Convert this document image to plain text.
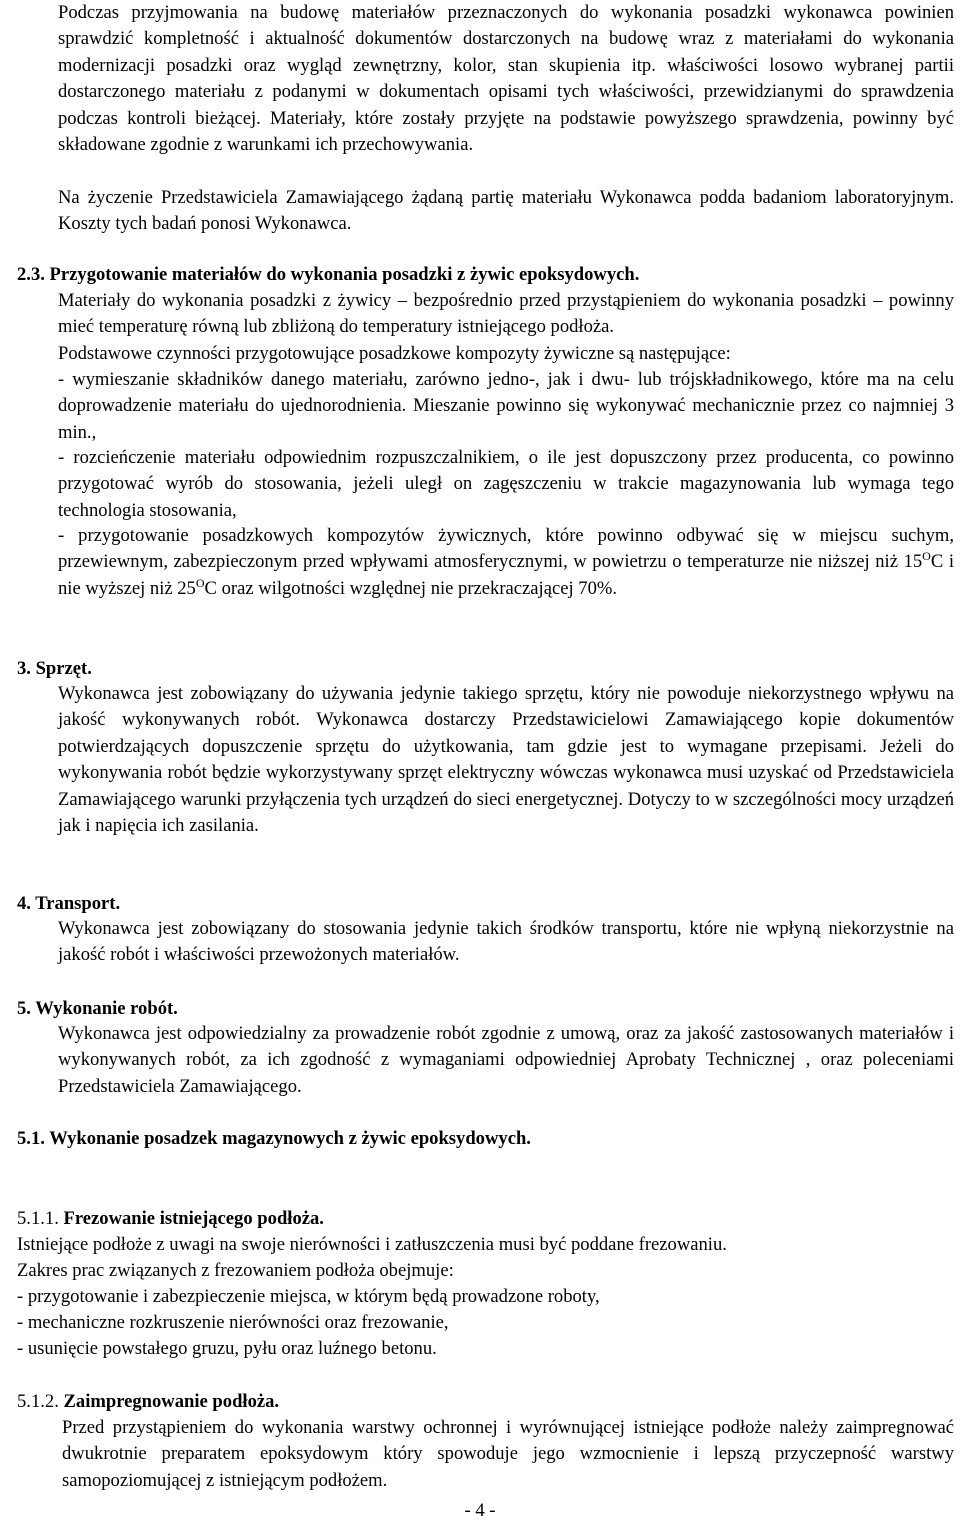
Podczas przyjmowania na budowę materiałów przeznaczonych do wykonania posadzki wykonawca powinien sprawdzić kompletność i aktualność dokumentów dostarczonych na budowę wraz z materiałami do wykonania modernizacji posadzki oraz wygląd zewnętrzny, kolor, stan skupienia itp. właściwości losowo wybranej partii dostarczonego materiału z podanymi w dokumentach opisami tych właściwości, przewidzianymi do sprawdzenia podczas kontroli bieżącej. Materiały, które zostały przyjęte na podstawie powyższego sprawdzenia, powinny być składowane zgodnie z warunkami ich przechowywania.
Na życzenie Przedstawiciela Zamawiającego żądaną partię materiału Wykonawca podda badaniom laboratoryjnym. Koszty tych badań ponosi Wykonawca.
2.3. Przygotowanie materiałów do wykonania posadzki z żywic epoksydowych.
Materiały do wykonania posadzki z żywicy – bezpośrednio przed przystąpieniem do wykonania posadzki – powinny mieć temperaturę równą lub zbliżoną do temperatury istniejącego podłoża.
Podstawowe czynności przygotowujące posadzkowe kompozyty żywiczne są następujące:
- wymieszanie składników danego materiału, zarówno jedno-, jak i dwu- lub trójskładnikowego, które ma na celu doprowadzenie materiału do ujednorodnienia. Mieszanie powinno się wykonywać mechanicznie przez co najmniej 3 min.,
- rozcieńczenie materiału odpowiednim rozpuszczalnikiem, o ile jest dopuszczony przez producenta, co powinno przygotować wyrób do stosowania, jeżeli uległ on zagęszczeniu w trakcie magazynowania lub wymaga tego technologia stosowania,
- przygotowanie posadzkowych kompozytów żywicznych, które powinno odbywać się w miejscu suchym, przewiewnym, zabezpieczonym przed wpływami atmosferycznymi, w powietrzu o temperaturze nie niższej niż $15^OC$ i nie wyższej niż $25^OC$ oraz wilgotności względnej nie przekraczającej 70%.
3. Sprzęt.
Wykonawca jest zobowiązany do używania jedynie takiego sprzętu, który nie powoduje niekorzystnego wpływu na jakość wykonywanych robót. Wykonawca dostarczy Przedstawicielowi Zamawiającego kopie dokumentów potwierdzających dopuszczenie sprzętu do użytkowania, tam gdzie jest to wymagane przepisami. Jeżeli do wykonywania robót będzie wykorzystywany sprzęt elektryczny wówczas wykonawca musi uzyskać od Przedstawiciela Zamawiającego warunki przyłączenia tych urządzeń do sieci energetycznej. Dotyczy to w szczególności mocy urządzeń jak i napięcia ich zasilania.
4. Transport.
Wykonawca jest zobowiązany do stosowania jedynie takich środków transportu, które nie wpłyną niekorzystnie na jakość robót i właściwości przewożonych materiałów.
5. Wykonanie robót.
Wykonawca jest odpowiedzialny za prowadzenie robót zgodnie z umową, oraz za jakość zastosowanych materiałów i wykonywanych robót, za ich zgodność z wymaganiami odpowiedniej Aprobaty Technicznej , oraz poleceniami Przedstawiciela Zamawiającego.
5.1. Wykonanie posadzek magazynowych z żywic epoksydowych.
5.1.1. Frezowanie istniejącego podłoża.
Istniejące podłoże z uwagi na swoje nierówności i zatłuszczenia musi być poddane frezowaniu.
Zakres prac związanych z frezowaniem podłoża obejmuje:
- przygotowanie i zabezpieczenie miejsca, w którym będą prowadzone roboty,
- mechaniczne rozkruszenie nierówności oraz frezowanie,
- usunięcie powstałego gruzu, pyłu oraz luźnego betonu.
5.1.2. Zaimpregnowanie podłoża.
Przed przystąpieniem do wykonania warstwy ochronnej i wyrównującej istniejące podłoże należy zaimpregnować dwukrotnie preparatem epoksydowym który spowoduje jego wzmocnienie i lepszą przyczepność warstwy samopoziomującej z istniejącym podłożem.
- 4 -
